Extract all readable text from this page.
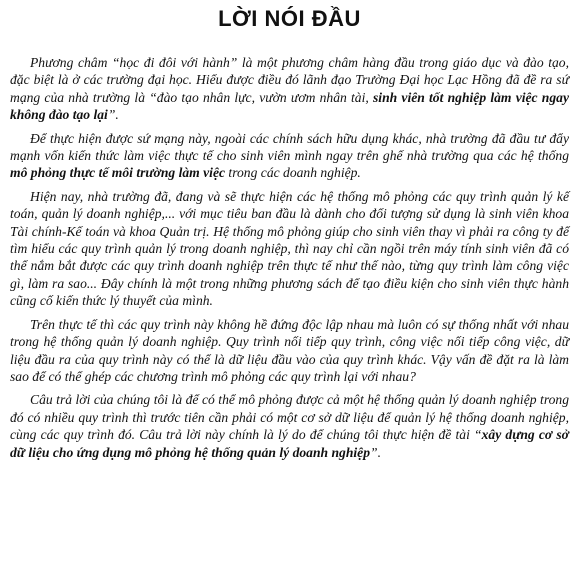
LỜI NÓI ĐẦU

Phương châm “học đi đôi với hành” là một phương châm hàng đầu trong giáo dục và đào tạo, đặc biệt là ở các trường đại học. Hiểu được điều đó lãnh đạo Trường Đại học Lạc Hồng đã đề ra sứ mạng của nhà trường là “đào tạo nhân lực, vườn ươm nhân tài, sinh viên tốt nghiệp làm việc ngay không đào tạo lại”.

Để thực hiện được sứ mạng này, ngoài các chính sách hữu dụng khác, nhà trường đã đầu tư đẩy mạnh vốn kiến thức làm việc thực tế cho sinh viên mình ngay trên ghế nhà trường qua các hệ thống mô phỏng thực tế môi trường làm việc trong các doanh nghiệp.

Hiện nay, nhà trường đã, đang và sẽ thực hiện các hệ thống mô phỏng các quy trình quản lý kế toán, quản lý doanh nghiệp,... với mục tiêu ban đầu là dành cho đối tượng sử dụng là sinh viên khoa Tài chính-Kế toán và khoa Quản trị. Hệ thống mô phỏng giúp cho sinh viên thay vì phải ra công ty để tìm hiểu các quy trình quản lý trong doanh nghiệp, thì nay chỉ cần ngồi trên máy tính sinh viên đã có thể nắm bắt được các quy trình doanh nghiệp trên thực tế như thế nào, từng quy trình làm công việc gì, làm ra sao... Đây chính là một trong những phương sách để tạo điều kiện cho sinh viên thực hành cũng cố kiến thức lý thuyết của mình.

Trên thực tế thì các quy trình này không hề đứng độc lập nhau mà luôn có sự thống nhất với nhau trong hệ thống quản lý doanh nghiệp. Quy trình nối tiếp quy trình, công việc nối tiếp công việc, dữ liệu đầu ra của quy trình này có thể là dữ liệu đầu vào của quy trình khác. Vậy vấn đề đặt ra là làm sao để có thể ghép các chương trình mô phỏng các quy trình lại với nhau?

Câu trả lời của chúng tôi là để có thể mô phỏng được cả một hệ thống quản lý doanh nghiệp trong đó có nhiều quy trình thì trước tiên cần phải có một cơ sở dữ liệu để quản lý hệ thống doanh nghiệp, cùng các quy trình đó. Câu trả lời này chính là lý do để chúng tôi thực hiện đề tài “xây dựng cơ sở dữ liệu cho ứng dụng mô phỏng hệ thống quản lý doanh nghiệp”.
